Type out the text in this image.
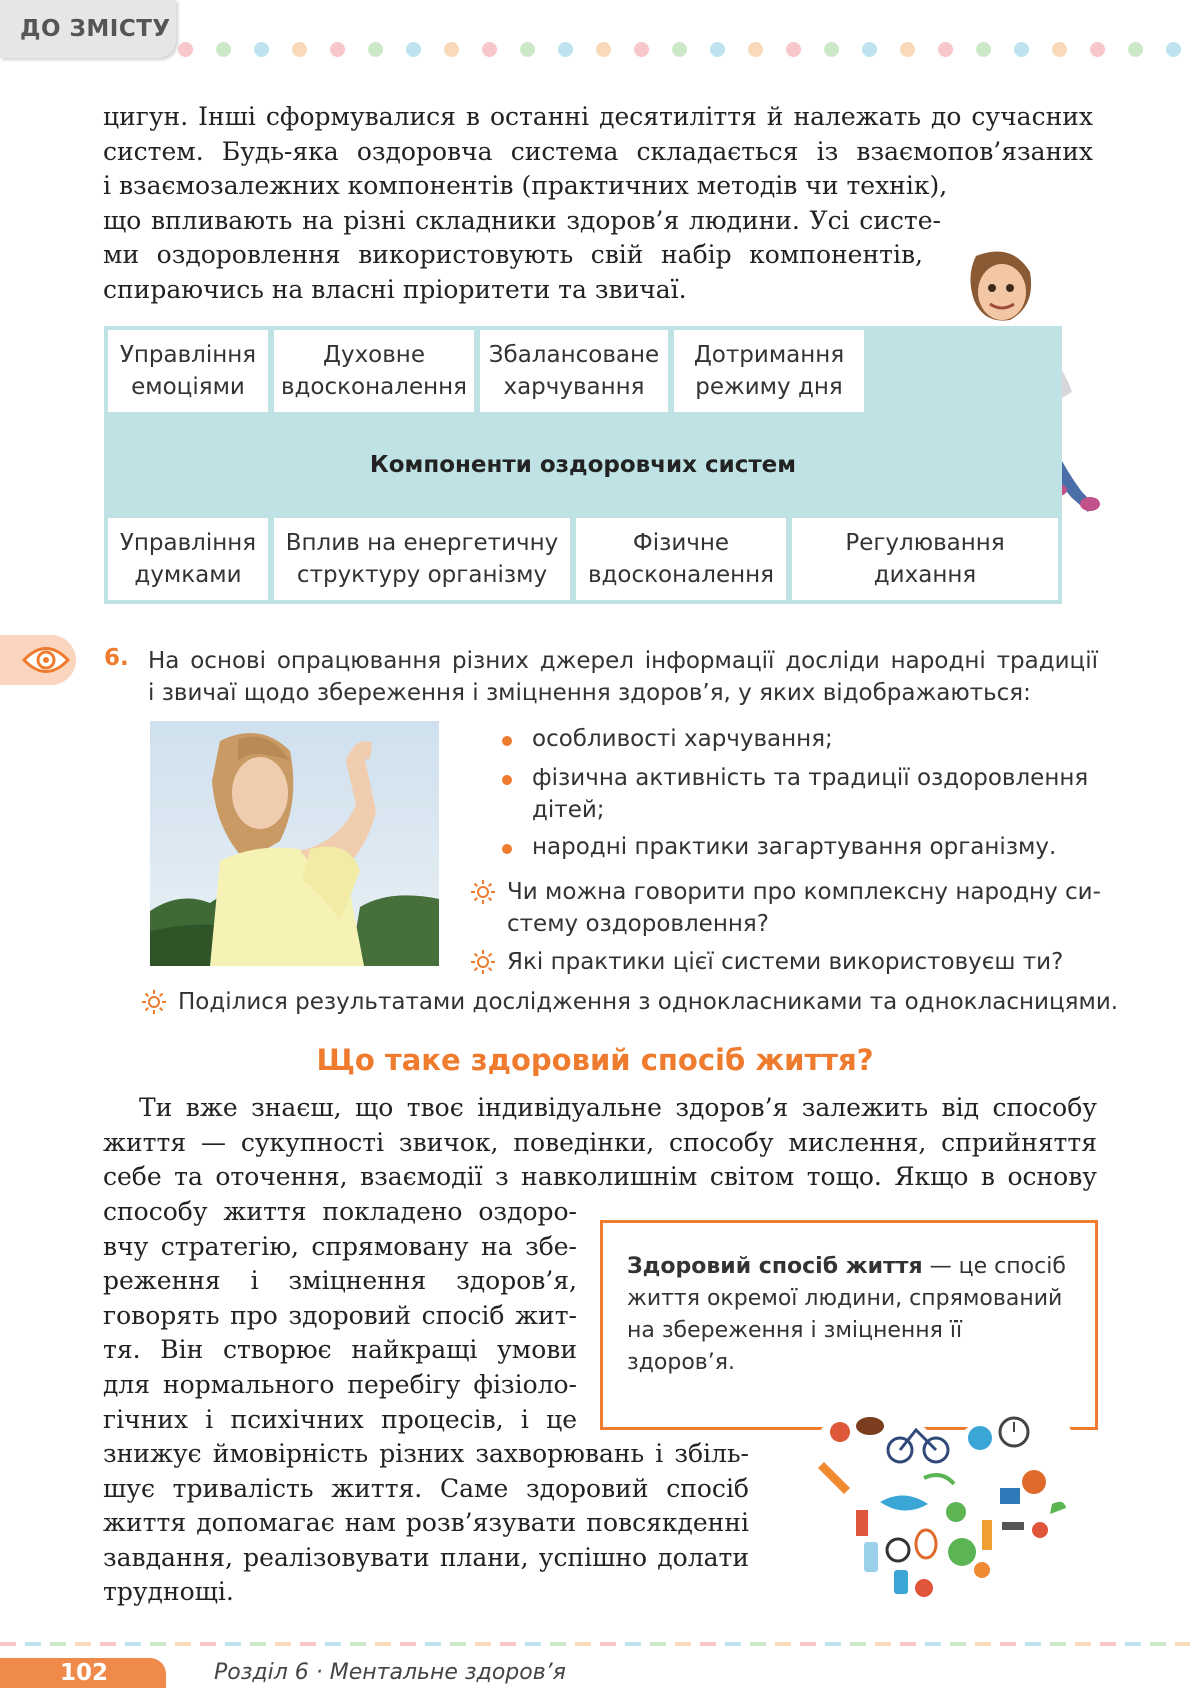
ДО ЗМІСТУ
цигун. Інші сформувалися в останні десятиліття й належать до сучасних
систем. Будь-яка оздоровча система складається із взаємопов’язаних
і взаємозалежних компонентів (практичних методів чи технік),
що впливають на різні складники здоров’я людини. Усі систе-
ми оздоровлення використовують свій набір компонентів,
спираючись на власні пріоритети та звичаї.
Управління
емоціями
Духовне
вдосконалення
Збалансоване
харчування
Дотримання
режиму дня
Компоненти оздоровчих систем
Управління
думками
Вплив на енергетичну
структуру організму
Фізичне
вдосконалення
Регулювання
дихання
6. На основі опрацювання різних джерел інформації досліди народні традиції
і звичаї щодо збереження і зміцнення здоров’я, у яких відображаються:
особливості харчування;
фізична активність та традиції оздоровлення
дітей;
народні практики загартування організму.
Чи можна говорити про комплексну народну си-
стему оздоровлення?
Які практики цієї системи використовуєш ти?
Поділися результатами дослідження з однокласниками та однокласницями.
Що таке здоровий спосіб життя?
Ти вже знаєш, що твоє індивідуальне здоров’я залежить від способу
життя — сукупності звичок, поведінки, способу мислення, сприйняття
себе та оточення, взаємодії з навколишнім світом тощо. Якщо в основу
способу життя покладено оздоро-
вчу стратегію, спрямовану на збе-
реження і зміцнення здоров’я,
говорять про здоровий спосіб жит-
тя. Він створює найкращі умови
для нормального перебігу фізіоло-
гічних і психічних процесів, і це
знижує ймовірність різних захворювань і збіль-
шує тривалість життя. Саме здоровий спосіб
життя допомагає нам розв’язувати повсякденні
завдання, реалізовувати плани, успішно долати
труднощі.
Здоровий спосіб життя — це спосіб життя окремої людини, спрямований на збереження і зміцнення її здоров’я.
102	Розділ 6 · Ментальне здоров’я
